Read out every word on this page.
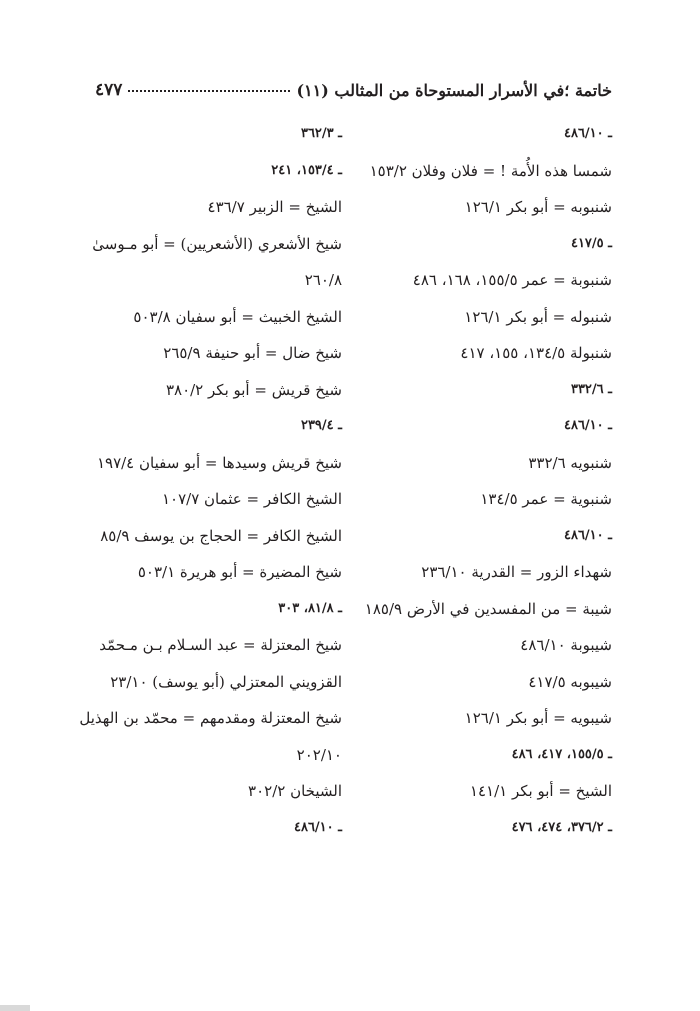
خاتمة ؛في الأسرار المستوحاة من المثالب (١١)
٤٧٧
ـ ٤٨٦/١٠
شمسا هذه الأُمة ! = فلان وفلان ١٥٣/٢
شنبوبه = أبو بكر ١٢٦/١
ـ ٤١٧/٥
شنبوبة = عمر ١٥٥/٥، ١٦٨، ٤٨٦
شنبوله = أبو بكر ١٢٦/١
شنبولة ١٣٤/٥، ١٥٥، ٤١٧
ـ ٣٣٢/٦
ـ ٤٨٦/١٠
شنبويه ٣٣٢/٦
شنبوية = عمر ١٣٤/٥
ـ ٤٨٦/١٠
شهداء الزور = القدرية ٢٣٦/١٠
شيبة = من المفسدين في الأرض ١٨٥/٩
شيبوبة ٤٨٦/١٠
شيبوبه ٤١٧/٥
شيبويه = أبو بكر ١٢٦/١
ـ ١٥٥/٥، ٤١٧، ٤٨٦
الشيخ = أبو بكر ١٤١/١
ـ ٣٧٦/٢، ٤٧٤، ٤٧٦
ـ ٣٦٢/٣
ـ ١٥٣/٤، ٢٤١
الشيخ = الزبير ٤٣٦/٧
شيخ الأشعري (الأشعريين) = أبو مـوسىٰ
٢٦٠/٨
الشيخ الخبيث = أبو سفيان ٥٠٣/٨
شيخ ضال = أبو حنيفة ٢٦٥/٩
شيخ قريش = أبو بكر ٣٨٠/٢
ـ ٢٣٩/٤
شيخ قريش وسيدها = أبو سفيان ١٩٧/٤
الشيخ الكافر = عثمان ١٠٧/٧
الشيخ الكافر = الحجاج بن يوسف ٨٥/٩
شيخ المضيرة = أبو هريرة ٥٠٣/١
ـ ٨١/٨، ٣٠٣
شيخ المعتزلة = عبد السـلام بـن مـحمّد
القزويني المعتزلي (أبو يوسف) ٢٣/١٠
شيخ المعتزلة ومقدمهم = محمّد بن الهذيل
٢٠٢/١٠
الشيخان ٣٠٢/٢
ـ ٤٨٦/١٠
